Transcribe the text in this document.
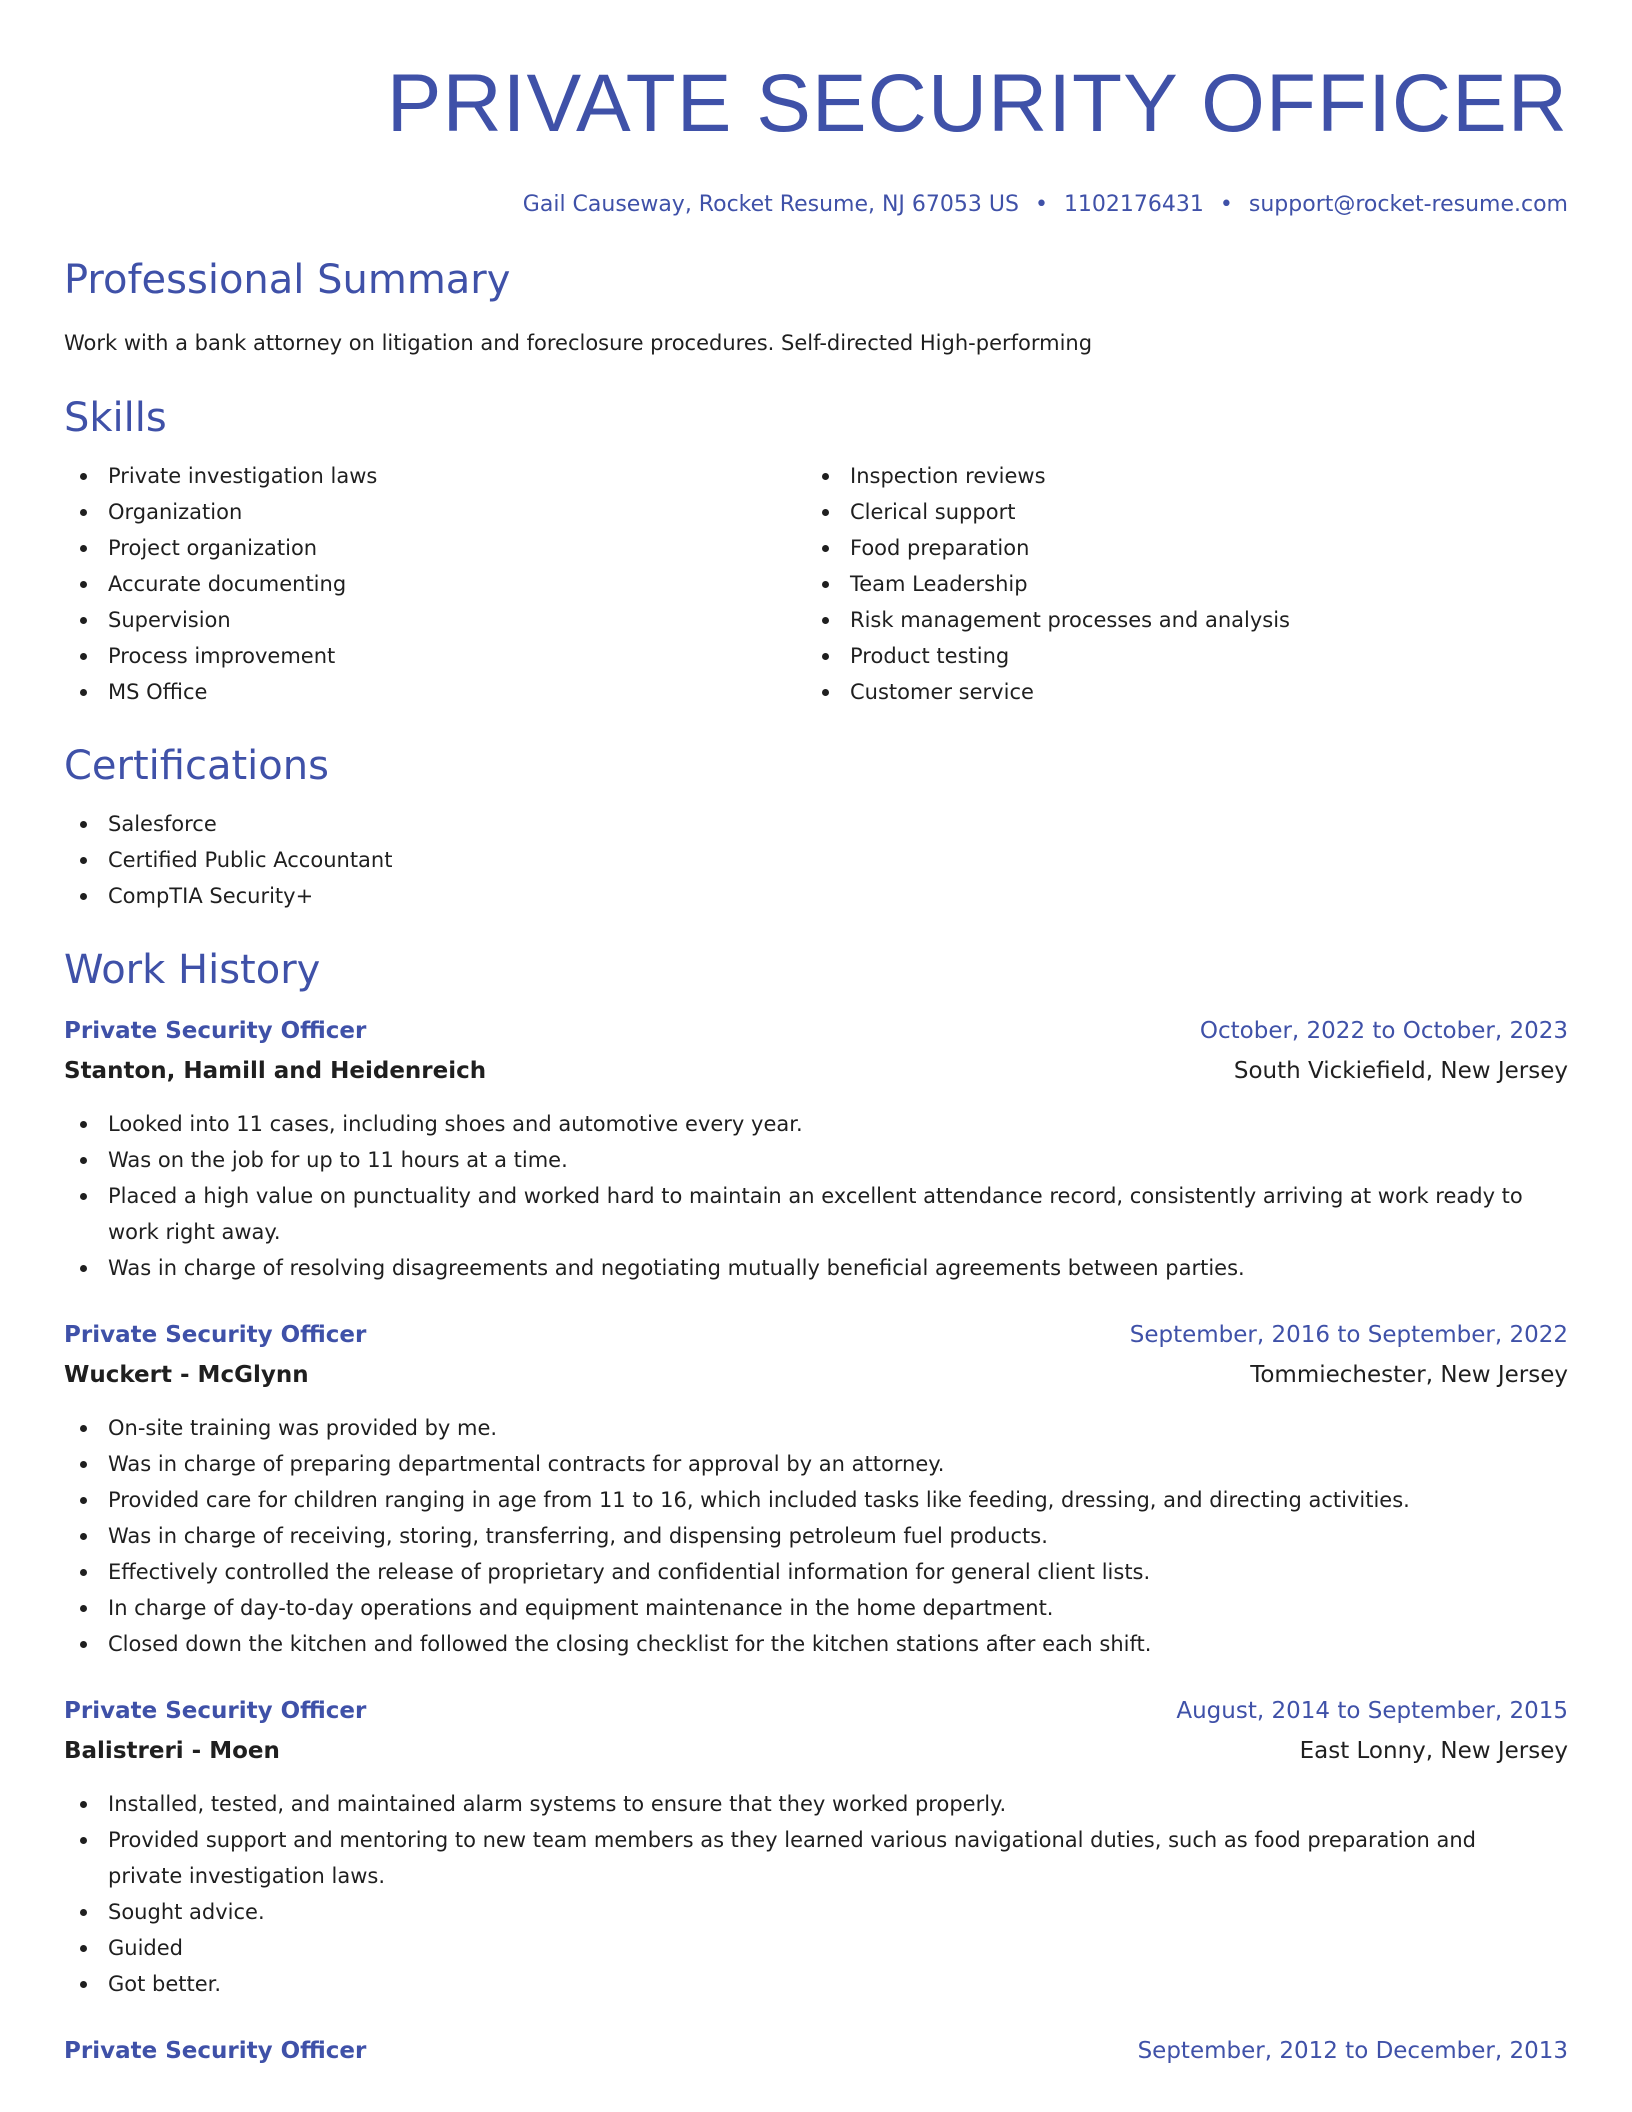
PRIVATE SECURITY OFFICER
Gail Causeway, Rocket Resume, NJ 67053 US • 1102176431 • support@rocket-resume.com
Professional Summary

Work with a bank attorney on litigation and foreclosure procedures. Self-directed High-performing

Skills
Private investigation laws
Organization
Project organization
Accurate documenting
Supervision
Process improvement
MS Office
Inspection reviews
Clerical support
Food preparation
Team Leadership
Risk management processes and analysis
Product testing
Customer service
Certifications
Salesforce
Certified Public Accountant
CompTIA Security+
Work History
Private Security Officer	October, 2022 to October, 2023
Stanton, Hamill and Heidenreich	South Vickiefield, New Jersey
Looked into 11 cases, including shoes and automotive every year.
Was on the job for up to 11 hours at a time.
Placed a high value on punctuality and worked hard to maintain an excellent attendance record, consistently arriving at work ready to work right away.
Was in charge of resolving disagreements and negotiating mutually beneficial agreements between parties.
Private Security Officer	September, 2016 to September, 2022
Wuckert - McGlynn	Tommiechester, New Jersey
On-site training was provided by me.
Was in charge of preparing departmental contracts for approval by an attorney.
Provided care for children ranging in age from 11 to 16, which included tasks like feeding, dressing, and directing activities.
Was in charge of receiving, storing, transferring, and dispensing petroleum fuel products.
Effectively controlled the release of proprietary and confidential information for general client lists.
In charge of day-to-day operations and equipment maintenance in the home department.
Closed down the kitchen and followed the closing checklist for the kitchen stations after each shift.
Private Security Officer	August, 2014 to September, 2015
Balistreri - Moen	East Lonny, New Jersey
Installed, tested, and maintained alarm systems to ensure that they worked properly.
Provided support and mentoring to new team members as they learned various navigational duties, such as food preparation and private investigation laws.
Sought advice.
Guided
Got better.
Private Security Officer	September, 2012 to December, 2013
